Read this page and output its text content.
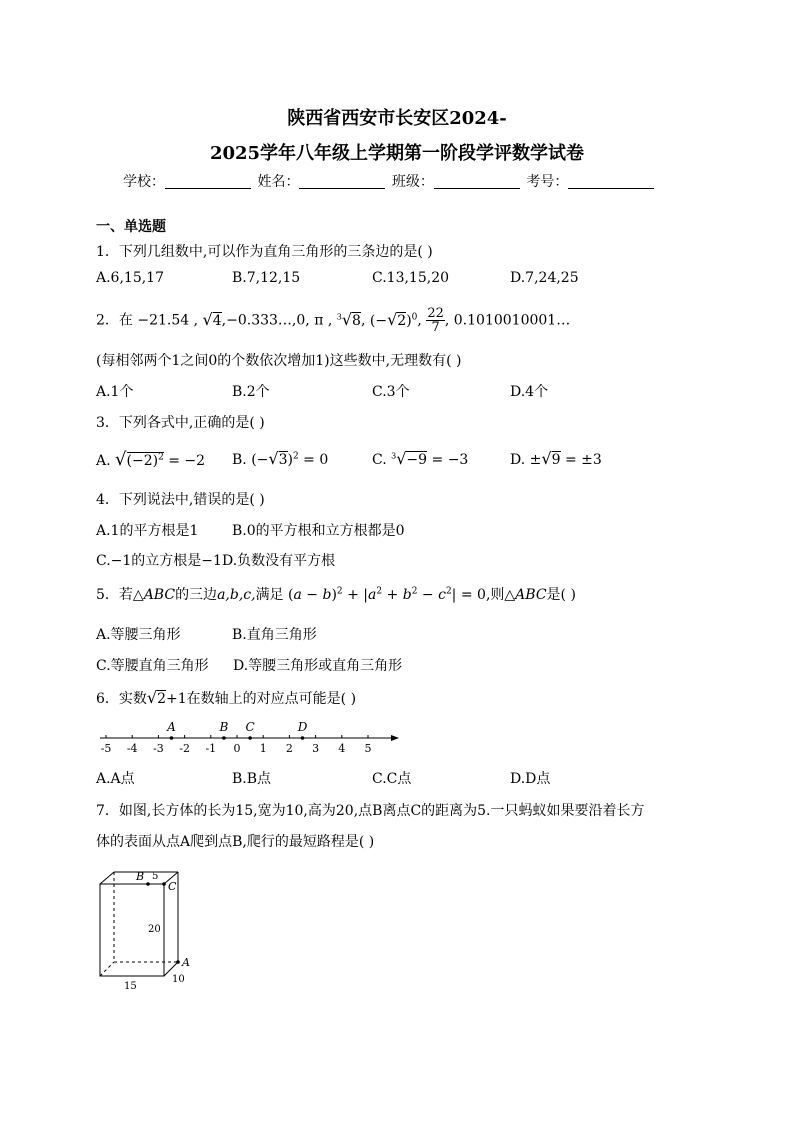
陕西省西安市长安区2024-
2025学年八年级上学期第一阶段学评数学试卷
学校：	姓名：	班级：	考号：
一、单选题
1．下列几组数中,可以作为直角三角形的三条边的是( )
A.6,15,17	B.7,12,15	C.13,15,20	D.7,24,25
2．在 −21.54 , √4,−0.333…,0, π , $^3$√8, $(-√2)^0$, $\frac{22}{7}$ , 0.1010010001…
(每相邻两个1之间0的个数依次增加1)这些数中,无理数有( )
A.1个	B.2个	C.3个	D.4个
3．下列各式中,正确的是( )
A. $√(-2)^2 = -2$ B. $(-√3)^2 = 0$	C. $^3$√−9 = −3	D. ±√9 = ±3
4．下列说法中,错误的是( )
A.1的平方根是1 B.0的平方根和立方根都是0
C.−1的立方根是−1 D.负数没有平方根
5．若△ABC的三边a,b,c,满足 $(a - b)^2 + |a^2 + b^2 - c^2| = 0$,则△ABC是( )
A.等腰三角形	B.直角三角形
C.等腰直角三角形 D.等腰三角形或直角三角形
6．实数√2+1在数轴上的对应点可能是( )
-5 -4 -3 -2 -1 0 1 2 3 4 5
A	B C	D
A.A点	B.B点	C.C点	D.D点
7．如图,长方体的长为15,宽为10,高为20,点B离点C的距离为5.一只蚂蚁如果要沿着长方
体的表面从点A爬到点B,爬行的最短路程是( )
B 5
C
20
A
15
10
